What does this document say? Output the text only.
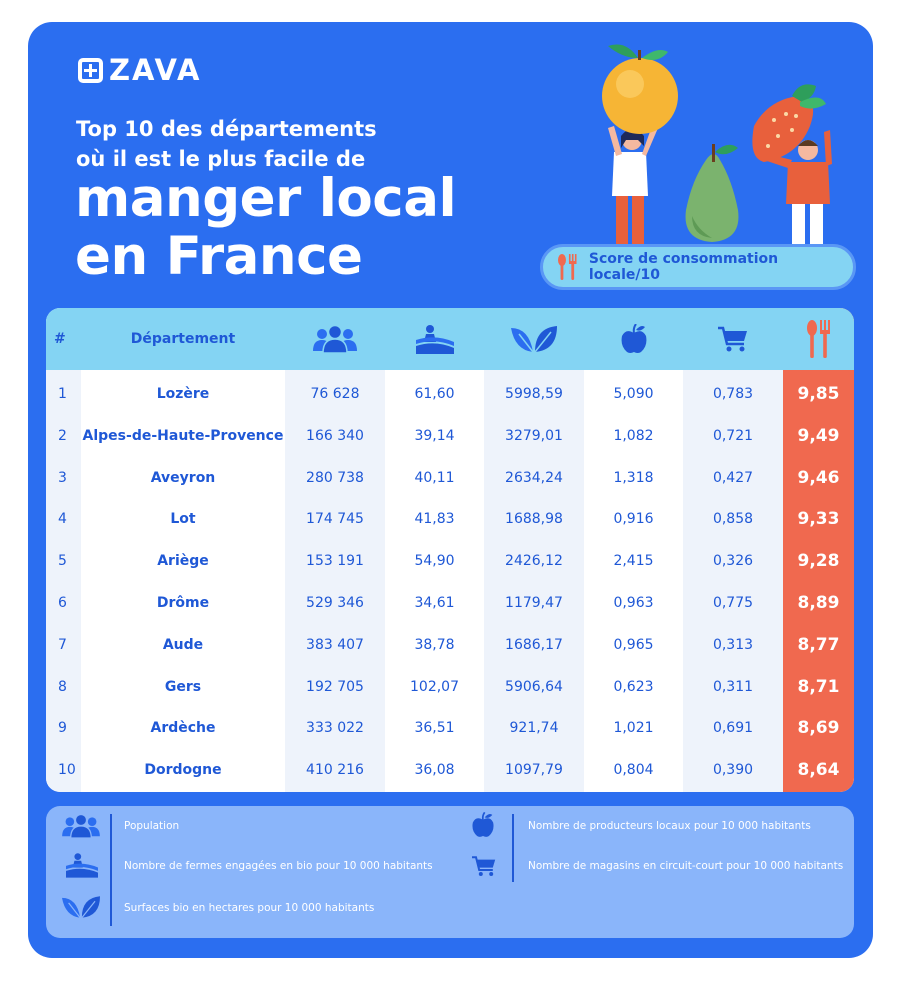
ZAVA
Top 10 des départements
où il est le plus facile de
manger local
en France	Score de consommation locale/10
#	Département
1	Lozère	76 628	61,60	5998,59	5,090	0,783	9,85
2	Alpes-de-Haute-Provence	166 340	39,14	3279,01	1,082	0,721	9,49
3	Aveyron	280 738	40,11	2634,24	1,318	0,427	9,46
4	Lot	174 745	41,83	1688,98	0,916	0,858	9,33
5	Ariège	153 191	54,90	2426,12	2,415	0,326	9,28
6	Drôme	529 346	34,61	1179,47	0,963	0,775	8,89
7	Aude	383 407	38,78	1686,17	0,965	0,313	8,77
8	Gers	192 705	102,07	5906,64	0,623	0,311	8,71
9	Ardèche	333 022	36,51	921,74	1,021	0,691	8,69
10	Dordogne	410 216	36,08	1097,79	0,804	0,390	8,64
Population
Nombre de fermes engagées en bio pour 10 000 habitants
Surfaces bio en hectares pour 10 000 habitants
Nombre de producteurs locaux pour 10 000 habitants
Nombre de magasins en circuit-court pour 10 000 habitants
